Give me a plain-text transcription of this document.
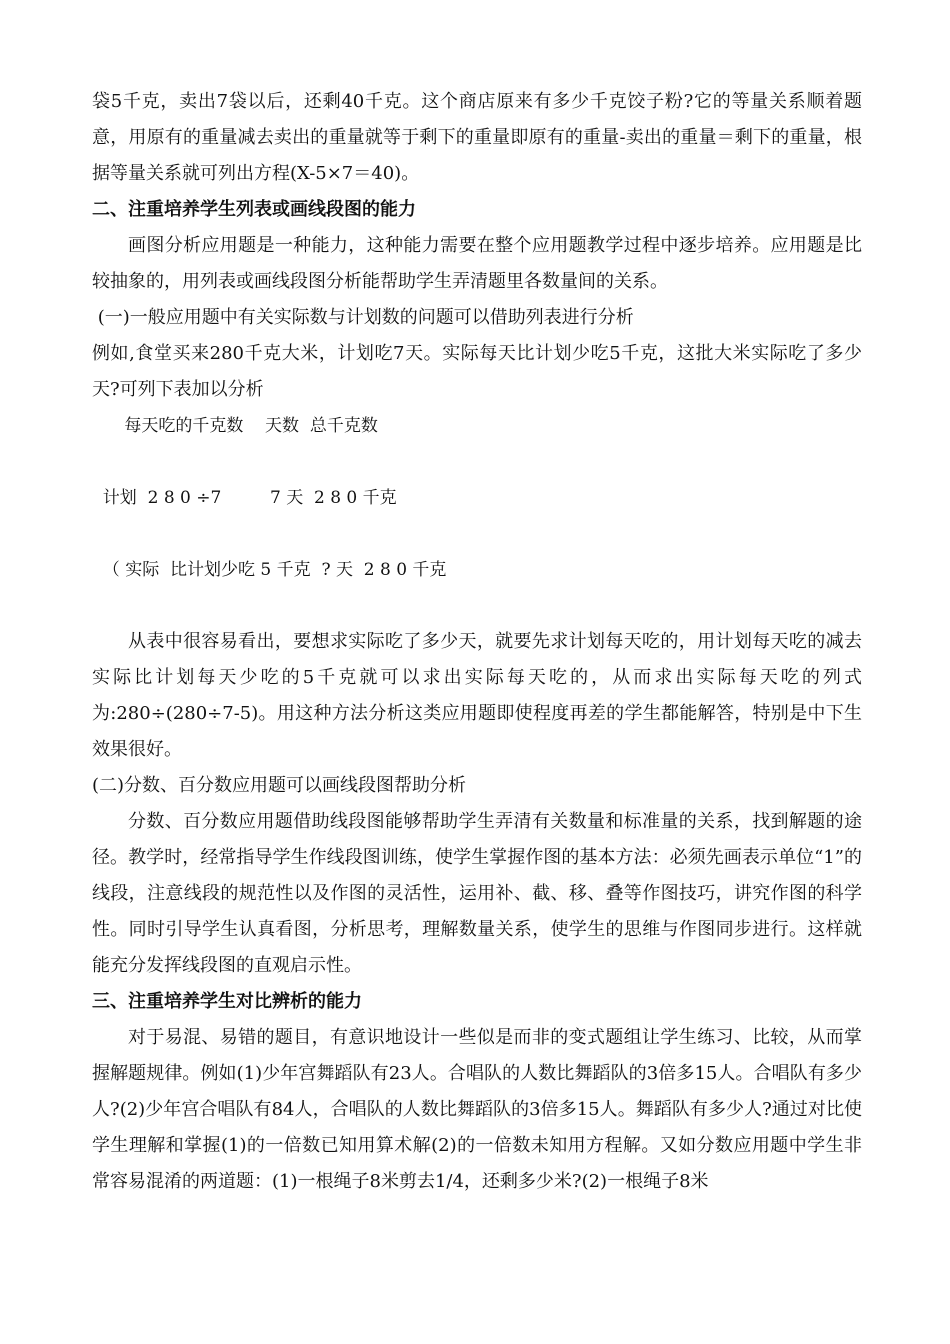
袋5千克，卖出7袋以后，还剩40千克。这个商店原来有多少千克饺子粉?它的等量关系顺着题意，用原有的重量减去卖出的重量就等于剩下的重量即原有的重量-卖出的重量＝剩下的重量，根据等量关系就可列出方程(X-5×7＝40)。

二、注重培养学生列表或画线段图的能力

画图分析应用题是一种能力，这种能力需要在整个应用题教学过程中逐步培养。应用题是比较抽象的，用列表或画线段图分析能帮助学生弄清题里各数量间的关系。

(一)一般应用题中有关实际数与计划数的问题可以借助列表进行分析

例如,食堂买来280千克大米，计划吃7天。实际每天比计划少吃5千克，这批大米实际吃了多少天?可列下表加以分析

每天吃的千克数    天数  总千克数

计划  2 8 0 ÷7         7 天  2 8 0 千克

（ 实际  比计划少吃 5 千克  ? 天  2 8 0 千克

从表中很容易看出，要想求实际吃了多少天，就要先求计划每天吃的，用计划每天吃的减去实际比计划每天少吃的5千克就可以求出实际每天吃的，从而求出实际每天吃的列式为:280÷(280÷7-5)。用这种方法分析这类应用题即使程度再差的学生都能解答，特别是中下生效果很好。

(二)分数、百分数应用题可以画线段图帮助分析

分数、百分数应用题借助线段图能够帮助学生弄清有关数量和标准量的关系，找到解题的途径。教学时，经常指导学生作线段图训练，使学生掌握作图的基本方法：必须先画表示单位“1”的线段，注意线段的规范性以及作图的灵活性，运用补、截、移、叠等作图技巧，讲究作图的科学性。同时引导学生认真看图，分析思考，理解数量关系，使学生的思维与作图同步进行。这样就能充分发挥线段图的直观启示性。

三、注重培养学生对比辨析的能力

对于易混、易错的题目，有意识地设计一些似是而非的变式题组让学生练习、比较，从而掌握解题规律。例如(1)少年宫舞蹈队有23人。合唱队的人数比舞蹈队的3倍多15人。合唱队有多少人?(2)少年宫合唱队有84人，合唱队的人数比舞蹈队的3倍多15人。舞蹈队有多少人?通过对比使学生理解和掌握(1)的一倍数已知用算术解(2)的一倍数未知用方程解。又如分数应用题中学生非常容易混淆的两道题：(1)一根绳子8米剪去1/4，还剩多少米?(2)一根绳子8米
